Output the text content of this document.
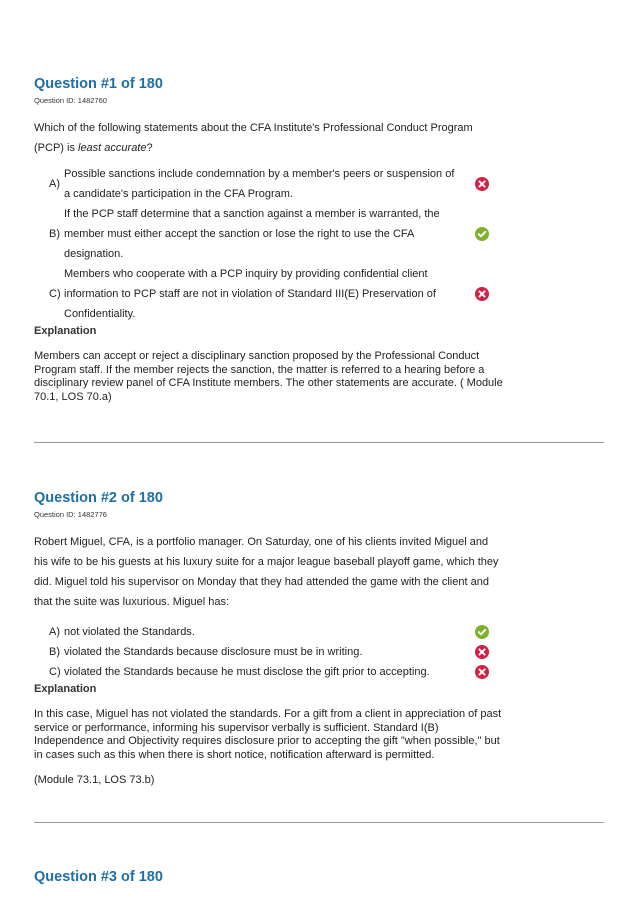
Question #1 of 180
Question ID: 1482760
Which of the following statements about the CFA Institute's Professional Conduct Program (PCP) is least accurate?
A)
Possible sanctions include condemnation by a member's peers or suspension of a candidate's participation in the CFA Program.
B)
If the PCP staff determine that a sanction against a member is warranted, the member must either accept the sanction or lose the right to use the CFA designation.
C)
Members who cooperate with a PCP inquiry by providing confidential client information to PCP staff are not in violation of Standard III(E) Preservation of Confidentiality.
Explanation
Members can accept or reject a disciplinary sanction proposed by the Professional Conduct Program staff. If the member rejects the sanction, the matter is referred to a hearing before a disciplinary review panel of CFA Institute members. The other statements are accurate. ( Module 70.1, LOS 70.a)
Question #2 of 180
Question ID: 1482776
Robert Miguel, CFA, is a portfolio manager. On Saturday, one of his clients invited Miguel and his wife to be his guests at his luxury suite for a major league baseball playoff game, which they did. Miguel told his supervisor on Monday that they had attended the game with the client and that the suite was luxurious. Miguel has:
A) not violated the Standards.
B) violated the Standards because disclosure must be in writing.
C) violated the Standards because he must disclose the gift prior to accepting.
Explanation
In this case, Miguel has not violated the standards. For a gift from a client in appreciation of past service or performance, informing his supervisor verbally is sufficient. Standard I(B) Independence and Objectivity requires disclosure prior to accepting the gift "when possible," but in cases such as this when there is short notice, notification afterward is permitted.
(Module 73.1, LOS 73.b)
Question #3 of 180
